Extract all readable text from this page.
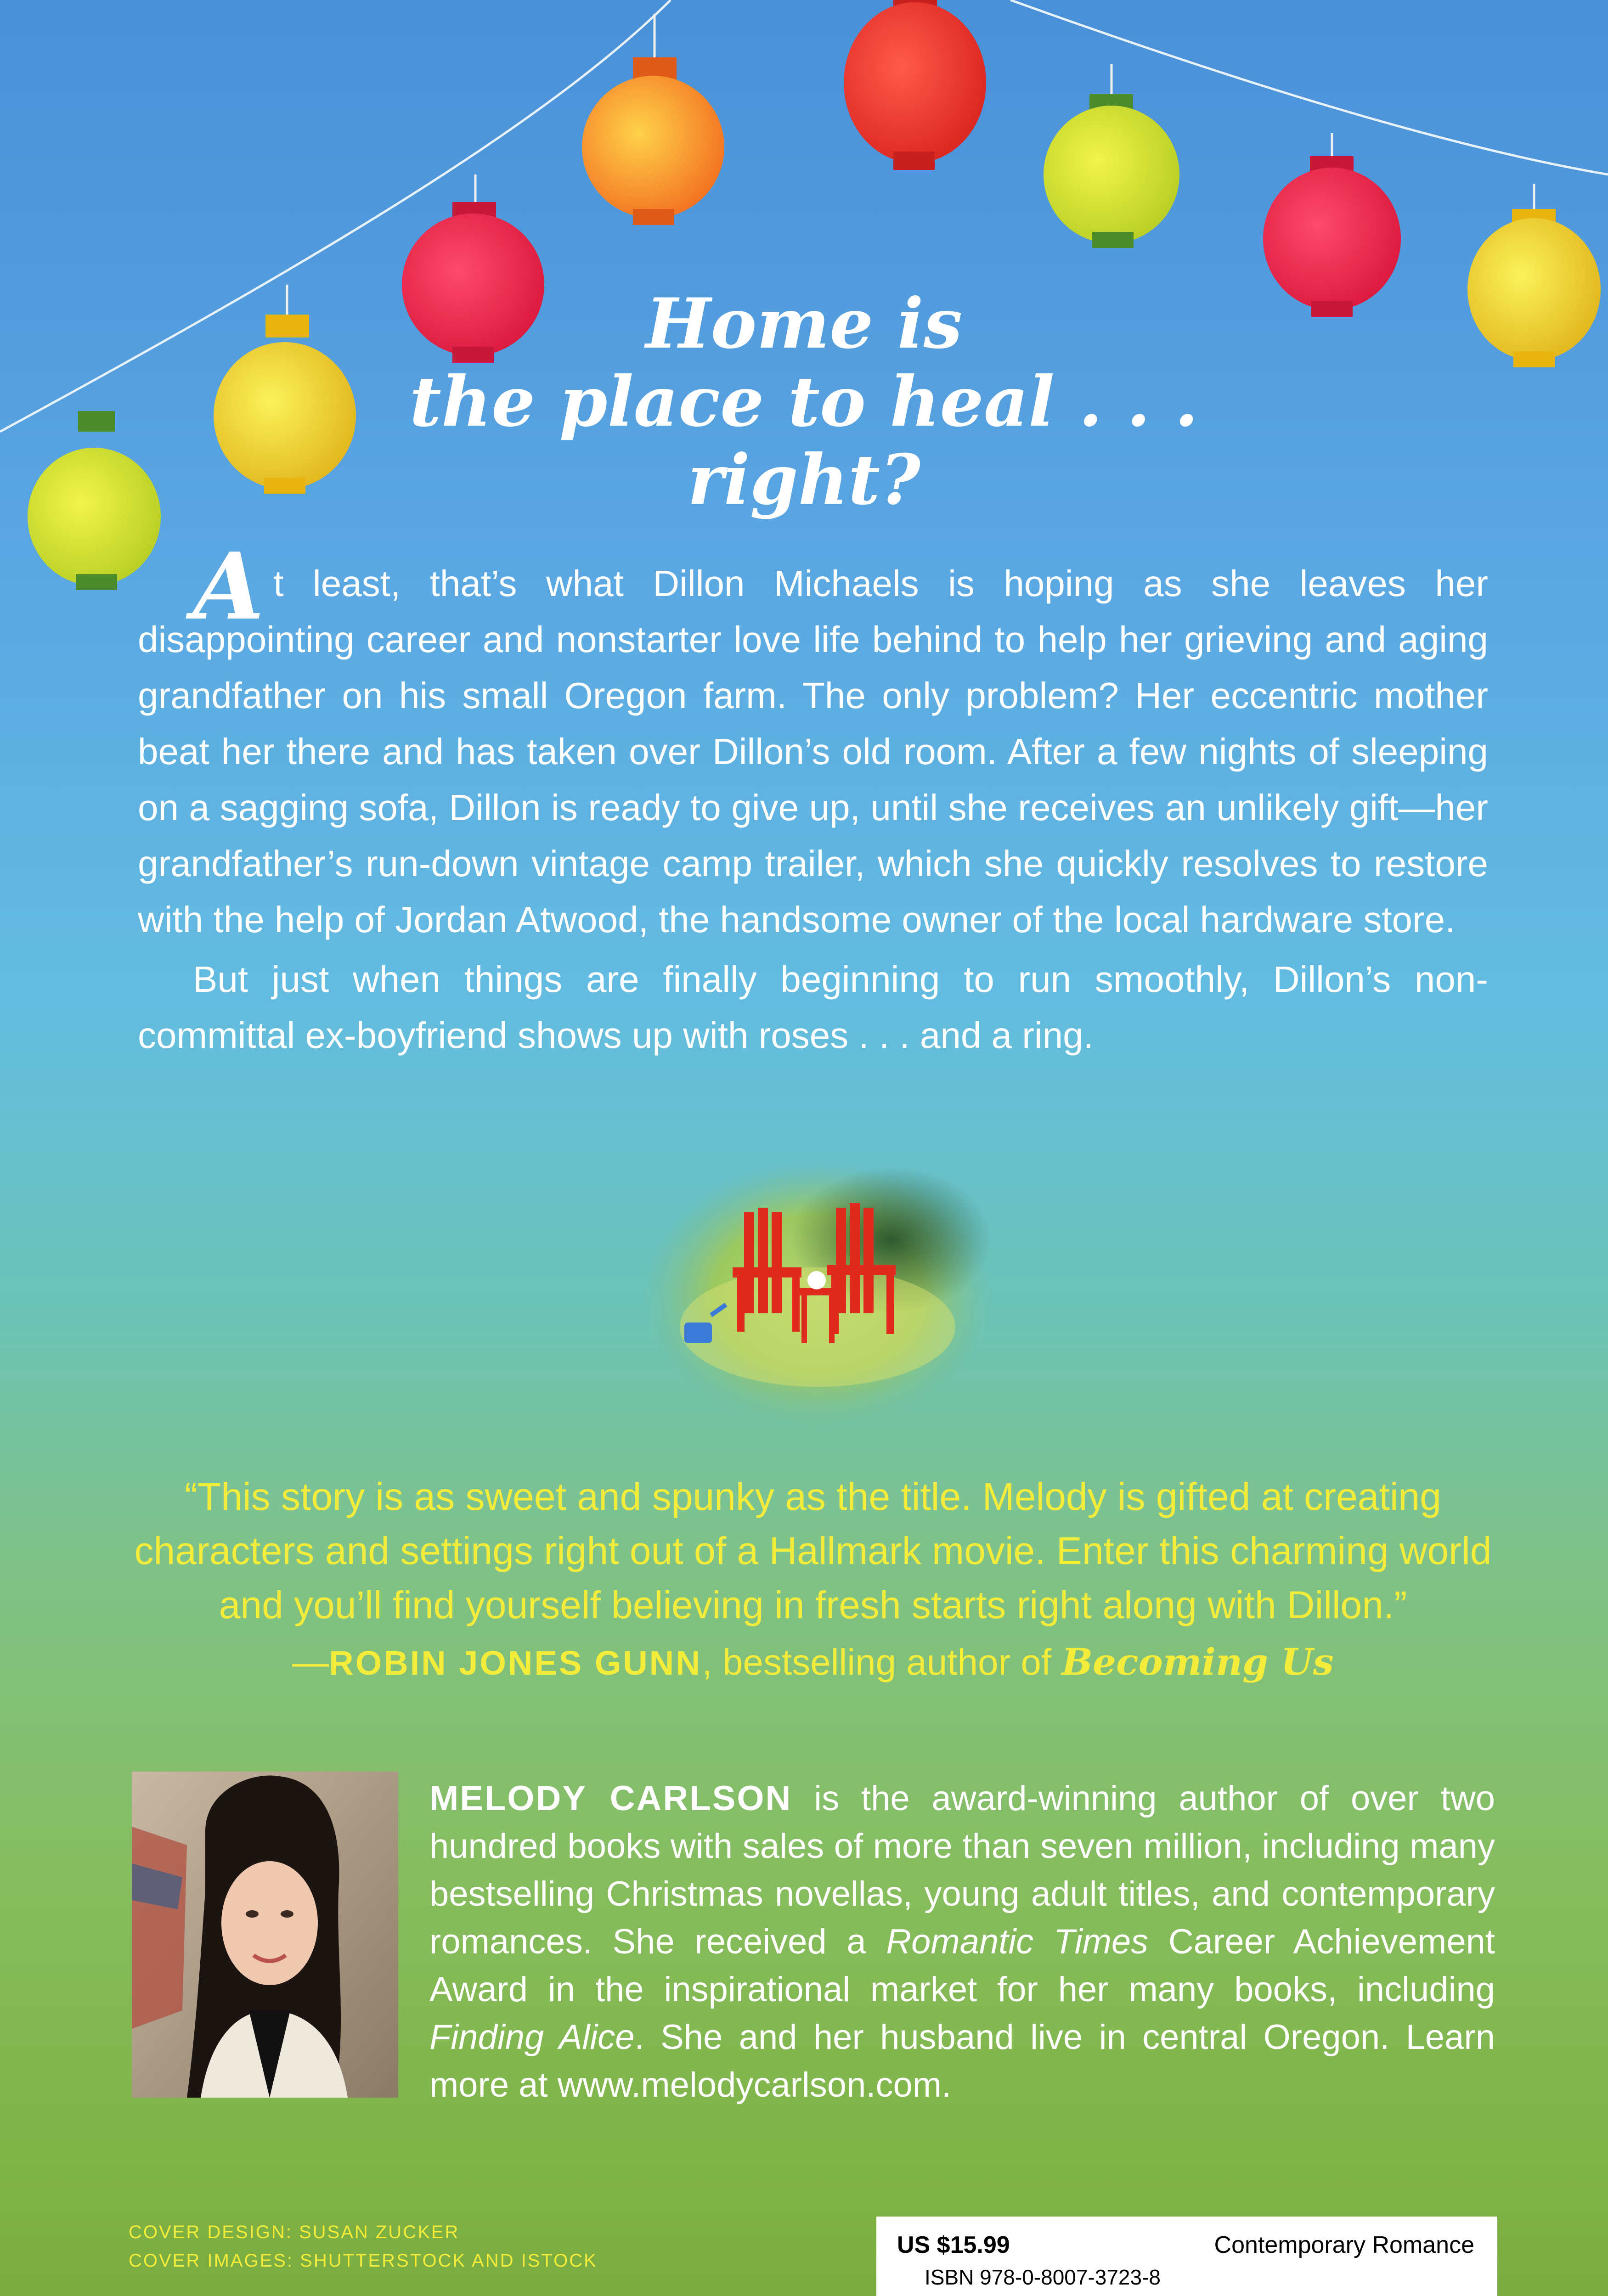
Home is
the place to heal . . .
right?

At least, that’s what Dillon Michaels is hoping as she leaves her disappointing career and nonstarter love life behind to help her grieving and aging grandfather on his small Oregon farm. The only problem? Her eccentric mother beat her there and has taken over Dillon’s old room. After a few nights of sleeping on a sagging sofa, Dillon is ready to give up, until she receives an unlikely gift—her grandfather’s run-down vintage camp trailer, which she quickly resolves to restore with the help of Jordan Atwood, the handsome owner of the local hardware store.

But just when things are finally beginning to run smoothly, Dillon’s non-committal ex-boyfriend shows up with roses . . . and a ring.

“This story is as sweet and spunky as the title. Melody is gifted at creating characters and settings right out of a Hallmark movie. Enter this charming world and you’ll find yourself believing in fresh starts right along with Dillon.”
—ROBIN JONES GUNN, bestselling author of Becoming Us
MELODY CARLSON is the award-winning author of over two hundred books with sales of more than seven million, including many bestselling Christmas novellas, young adult titles, and contemporary romances. She received a Romantic Times Career Achievement Award in the inspirational market for her many books, including Finding Alice. She and her husband live in central Oregon. Learn more at www.melodycarlson.com.
COVER DESIGN: SUSAN ZUCKER
COVER IMAGES: SHUTTERSTOCK AND ISTOCK
US $15.99	Contemporary Romance
ISBN 978-0-8007-3723-8
